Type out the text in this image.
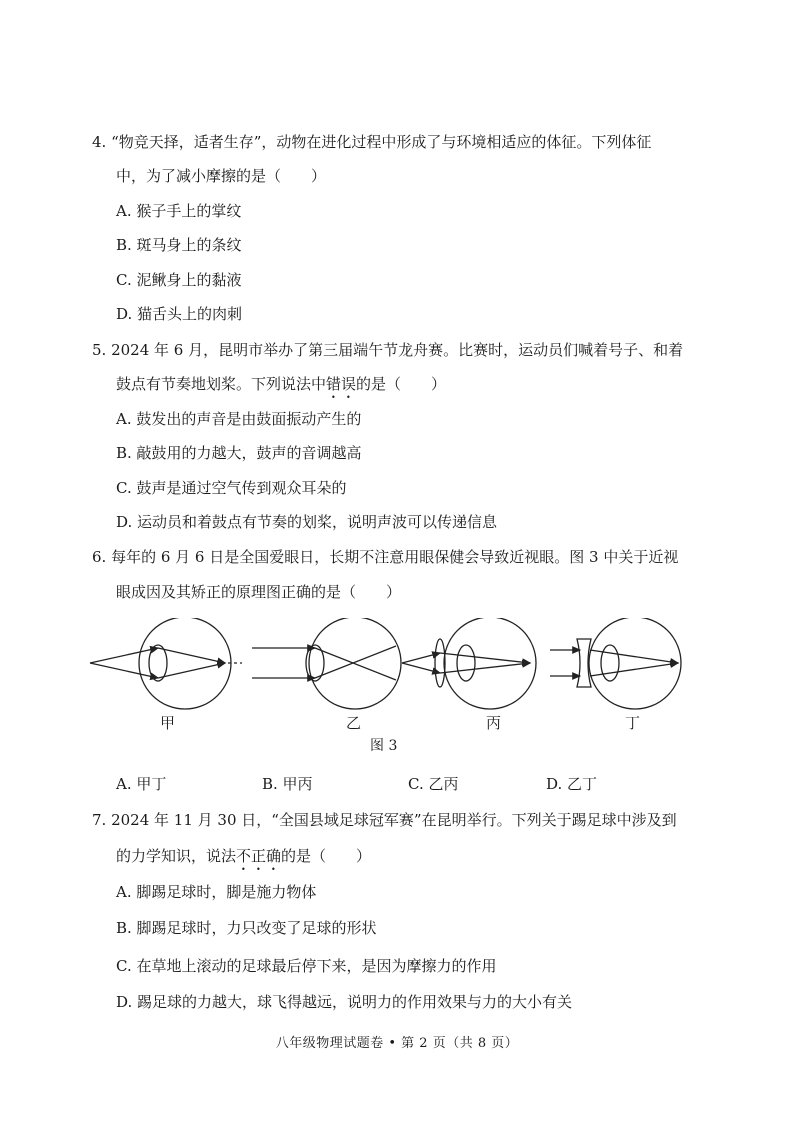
4. “物竞天择，适者生存”，动物在进化过程中形成了与环境相适应的体征。下列体征
中，为了减小摩擦的是（　　）
A. 猴子手上的掌纹
B. 斑马身上的条纹
C. 泥鳅身上的黏液
D. 猫舌头上的肉刺
5. 2024 年 6 月，昆明市举办了第三届端午节龙舟赛。比赛时，运动员们喊着号子、和着
鼓点有节奏地划桨。下列说法中错误的是（　　）
A. 鼓发出的声音是由鼓面振动产生的
B. 敲鼓用的力越大，鼓声的音调越高
C. 鼓声是通过空气传到观众耳朵的
D. 运动员和着鼓点有节奏的划桨，说明声波可以传递信息
6. 每年的 6 月 6 日是全国爱眼日，长期不注意用眼保健会导致近视眼。图 3 中关于近视
眼成因及其矫正的原理图正确的是（　　）
甲	乙	丙	丁
图 3
A. 甲丁	B. 甲丙	C. 乙丙	D. 乙丁
7. 2024 年 11 月 30 日，“全国县域足球冠军赛”在昆明举行。下列关于踢足球中涉及到
的力学知识，说法不正确的是（　　）
A. 脚踢足球时，脚是施力物体
B. 脚踢足球时，力只改变了足球的形状
C. 在草地上滚动的足球最后停下来，是因为摩擦力的作用
D. 踢足球的力越大，球飞得越远，说明力的作用效果与力的大小有关
八年级物理试题卷 • 第 2 页（共 8 页）
